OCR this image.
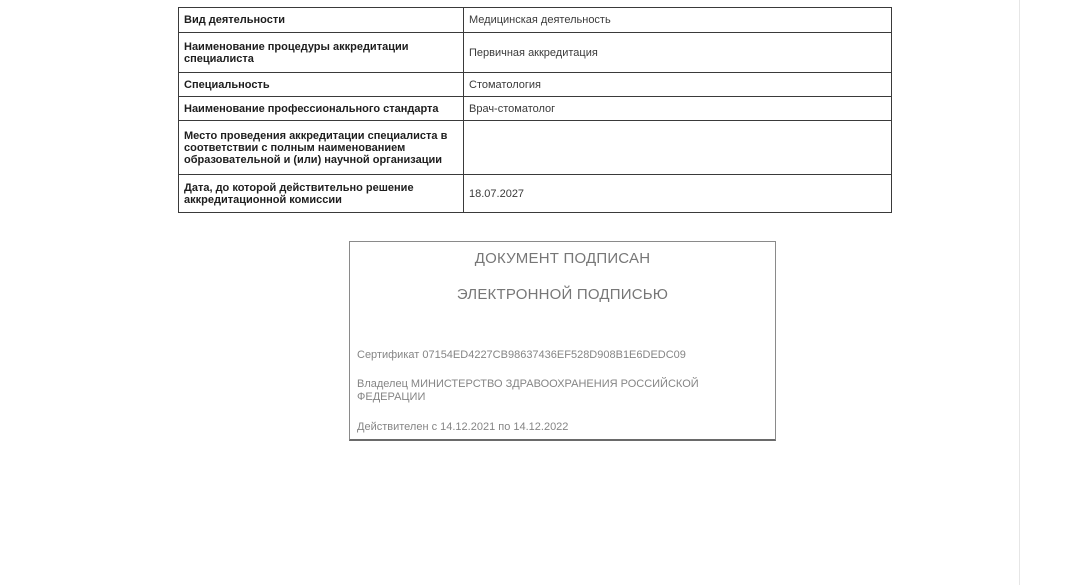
Вид деятельности	Медицинская деятельность
Наименование процедуры аккредитации специалиста	Первичная аккредитация
Специальность	Стоматология
Наименование профессионального стандарта	Врач-стоматолог
Место проведения аккредитации специалиста в соответствии с полным наименованием образовательной и (или) научной организации	
Дата, до которой действительно решение аккредитационной комиссии	18.07.2027
ДОКУМЕНТ ПОДПИСАН
ЭЛЕКТРОННОЙ ПОДПИСЬЮ
Сертификат 07154ED4227CB98637436EF528D908B1E6DEDC09
Владелец МИНИСТЕРСТВО ЗДРАВООХРАНЕНИЯ РОССИЙСКОЙ ФЕДЕРАЦИИ
Действителен с 14.12.2021 по 14.12.2022
